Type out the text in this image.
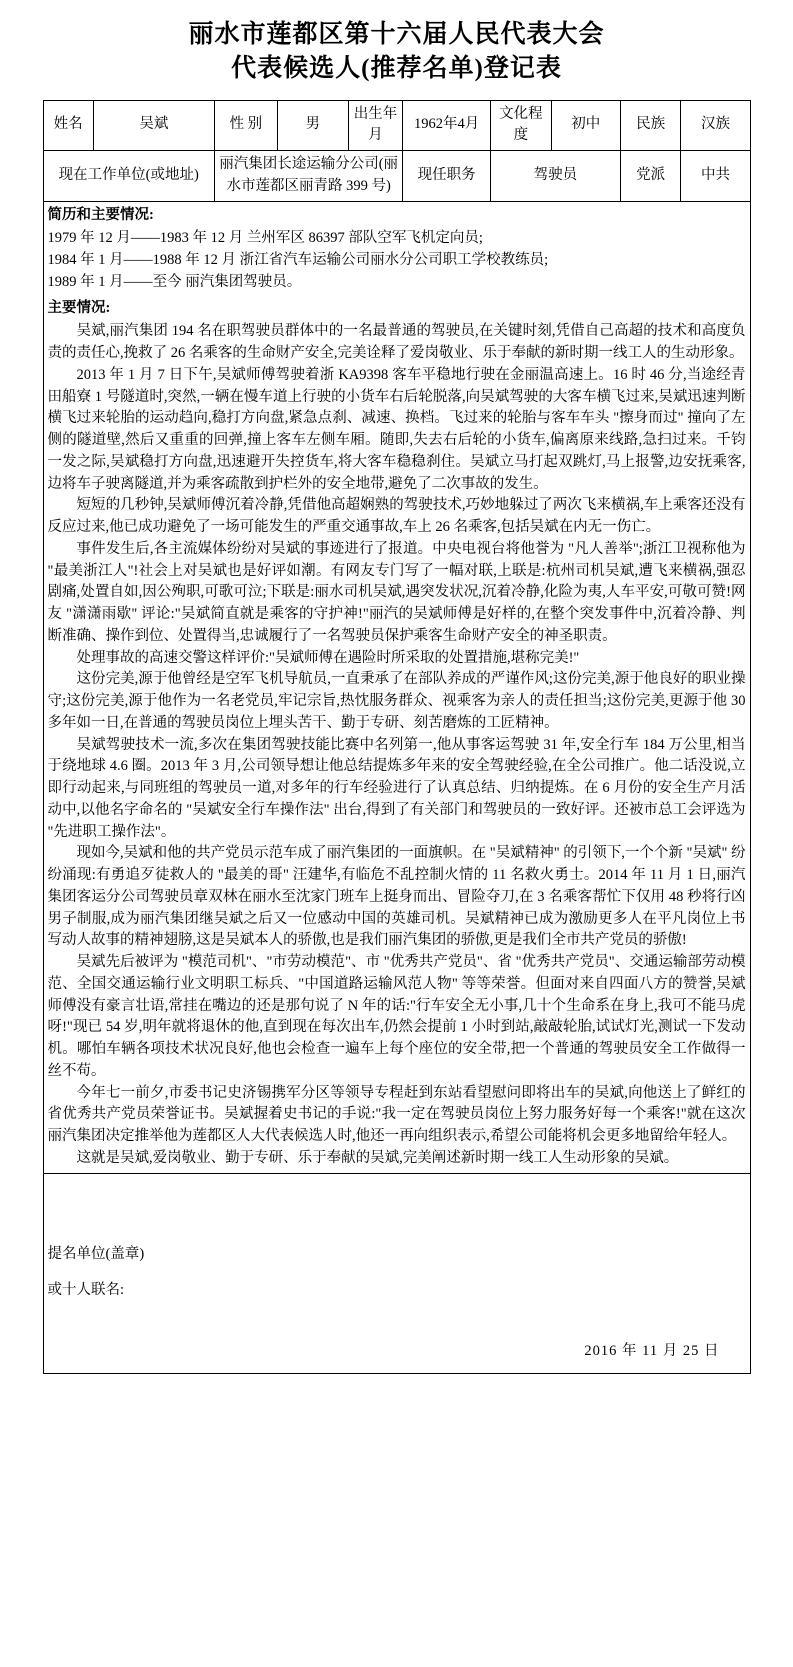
丽水市莲都区第十六届人民代表大会
代表候选人(推荐名单)登记表
姓名	吴斌	性 别	男	出生年月	1962年4月	文化程度	初中	民族	汉族
现在工作单位(或地址)		丽汽集团长途运输分公司(丽水市莲都区丽青路 399 号)			现任职务	驾驶员		党派	中共

简历和主要情况:
1979 年 12 月——1983 年 12 月 兰州军区 86397 部队空军飞机定向员;
1984 年 1 月——1988 年 12 月 浙江省汽车运输公司丽水分公司职工学校教练员;
1989 年 1 月——至今 丽汽集团驾驶员。
主要情况:
吴斌,丽汽集团 194 名在职驾驶员群体中的一名最普通的驾驶员,在关键时刻,凭借自己高超的技术和高度负责的责任心,挽救了 26 名乘客的生命财产安全,完美诠释了爱岗敬业、乐于奉献的新时期一线工人的生动形象。
2013 年 1 月 7 日下午,吴斌师傅驾驶着浙 KA9398 客车平稳地行驶在金丽温高速上。16 时 46 分,当途经青田船寮 1 号隧道时,突然,一辆在慢车道上行驶的小货车右后轮脱落,向吴斌驾驶的大客车横飞过来,吴斌迅速判断横飞过来轮胎的运动趋向,稳打方向盘,紧急点刹、减速、换档。飞过来的轮胎与客车车头 "擦身而过" 撞向了左侧的隧道壁,然后又重重的回弹,撞上客车左侧车厢。随即,失去右后轮的小货车,偏离原来线路,急扫过来。千钧一发之际,吴斌稳打方向盘,迅速避开失控货车,将大客车稳稳刹住。吴斌立马打起双跳灯,马上报警,边安抚乘客,边将车子驶离隧道,并为乘客疏散到护栏外的安全地带,避免了二次事故的发生。
短短的几秒钟,吴斌师傅沉着冷静,凭借他高超娴熟的驾驶技术,巧妙地躲过了两次飞来横祸,车上乘客还没有反应过来,他已成功避免了一场可能发生的严重交通事故,车上 26 名乘客,包括吴斌在内无一伤亡。
事件发生后,各主流媒体纷纷对吴斌的事迹进行了报道。中央电视台将他誉为 "凡人善举";浙江卫视称他为 "最美浙江人"!社会上对吴斌也是好评如潮。有网友专门写了一幅对联,上联是:杭州司机吴斌,遭飞来横祸,强忍剧痛,处置自如,因公殉职,可歌可泣;下联是:丽水司机吴斌,遇突发状况,沉着冷静,化险为夷,人车平安,可敬可赞!网友 "潇潇雨歇" 评论:"吴斌简直就是乘客的守护神!"丽汽的吴斌师傅是好样的,在整个突发事件中,沉着冷静、判断准确、操作到位、处置得当,忠诚履行了一名驾驶员保护乘客生命财产安全的神圣职责。
处理事故的高速交警这样评价:"吴斌师傅在遇险时所采取的处置措施,堪称完美!"
这份完美,源于他曾经是空军飞机导航员,一直秉承了在部队养成的严谨作风;这份完美,源于他良好的职业操守;这份完美,源于他作为一名老党员,牢记宗旨,热忱服务群众、视乘客为亲人的责任担当;这份完美,更源于他 30 多年如一日,在普通的驾驶员岗位上埋头苦干、勤于专研、刻苦磨炼的工匠精神。
吴斌驾驶技术一流,多次在集团驾驶技能比赛中名列第一,他从事客运驾驶 31 年,安全行车 184 万公里,相当于绕地球 4.6 圈。2013 年 3 月,公司领导想让他总结提炼多年来的安全驾驶经验,在全公司推广。他二话没说,立即行动起来,与同班组的驾驶员一道,对多年的行车经验进行了认真总结、归纳提炼。在 6 月份的安全生产月活动中,以他名字命名的 "吴斌安全行车操作法" 出台,得到了有关部门和驾驶员的一致好评。还被市总工会评选为 "先进职工操作法"。
现如今,吴斌和他的共产党员示范车成了丽汽集团的一面旗帜。在 "吴斌精神" 的引领下,一个个新 "吴斌" 纷纷涌现:有勇追歹徒救人的 "最美的哥" 汪建华,有临危不乱控制火情的 11 名救火勇士。2014 年 11 月 1 日,丽汽集团客运分公司驾驶员章双林在丽水至沈家门班车上挺身而出、冒险夺刀,在 3 名乘客帮忙下仅用 48 秒将行凶男子制服,成为丽汽集团继吴斌之后又一位感动中国的英雄司机。吴斌精神已成为激励更多人在平凡岗位上书写动人故事的精神翅膀,这是吴斌本人的骄傲,也是我们丽汽集团的骄傲,更是我们全市共产党员的骄傲!
吴斌先后被评为 "模范司机"、"市劳动模范"、市 "优秀共产党员"、省 "优秀共产党员"、交通运输部劳动模范、全国交通运输行业文明职工标兵、"中国道路运输风范人物" 等等荣誉。但面对来自四面八方的赞誉,吴斌师傅没有豪言壮语,常挂在嘴边的还是那句说了 N 年的话:"行车安全无小事,几十个生命系在身上,我可不能马虎呀!"现已 54 岁,明年就将退休的他,直到现在每次出车,仍然会提前 1 小时到站,敲敲轮胎,试试灯光,测试一下发动机。哪怕车辆各项技术状况良好,他也会检查一遍车上每个座位的安全带,把一个普通的驾驶员安全工作做得一丝不苟。
今年七一前夕,市委书记史济锡携军分区等领导专程赶到东站看望慰问即将出车的吴斌,向他送上了鲜红的省优秀共产党员荣誉证书。吴斌握着史书记的手说:"我一定在驾驶员岗位上努力服务好每一个乘客!"就在这次丽汽集团决定推举他为莲都区人大代表候选人时,他还一再向组织表示,希望公司能将机会更多地留给年轻人。
这就是吴斌,爱岗敬业、勤于专研、乐于奉献的吴斌,完美阐述新时期一线工人生动形象的吴斌。

提名单位(盖章)
或十人联名:
2016 年 11 月 25 日									
